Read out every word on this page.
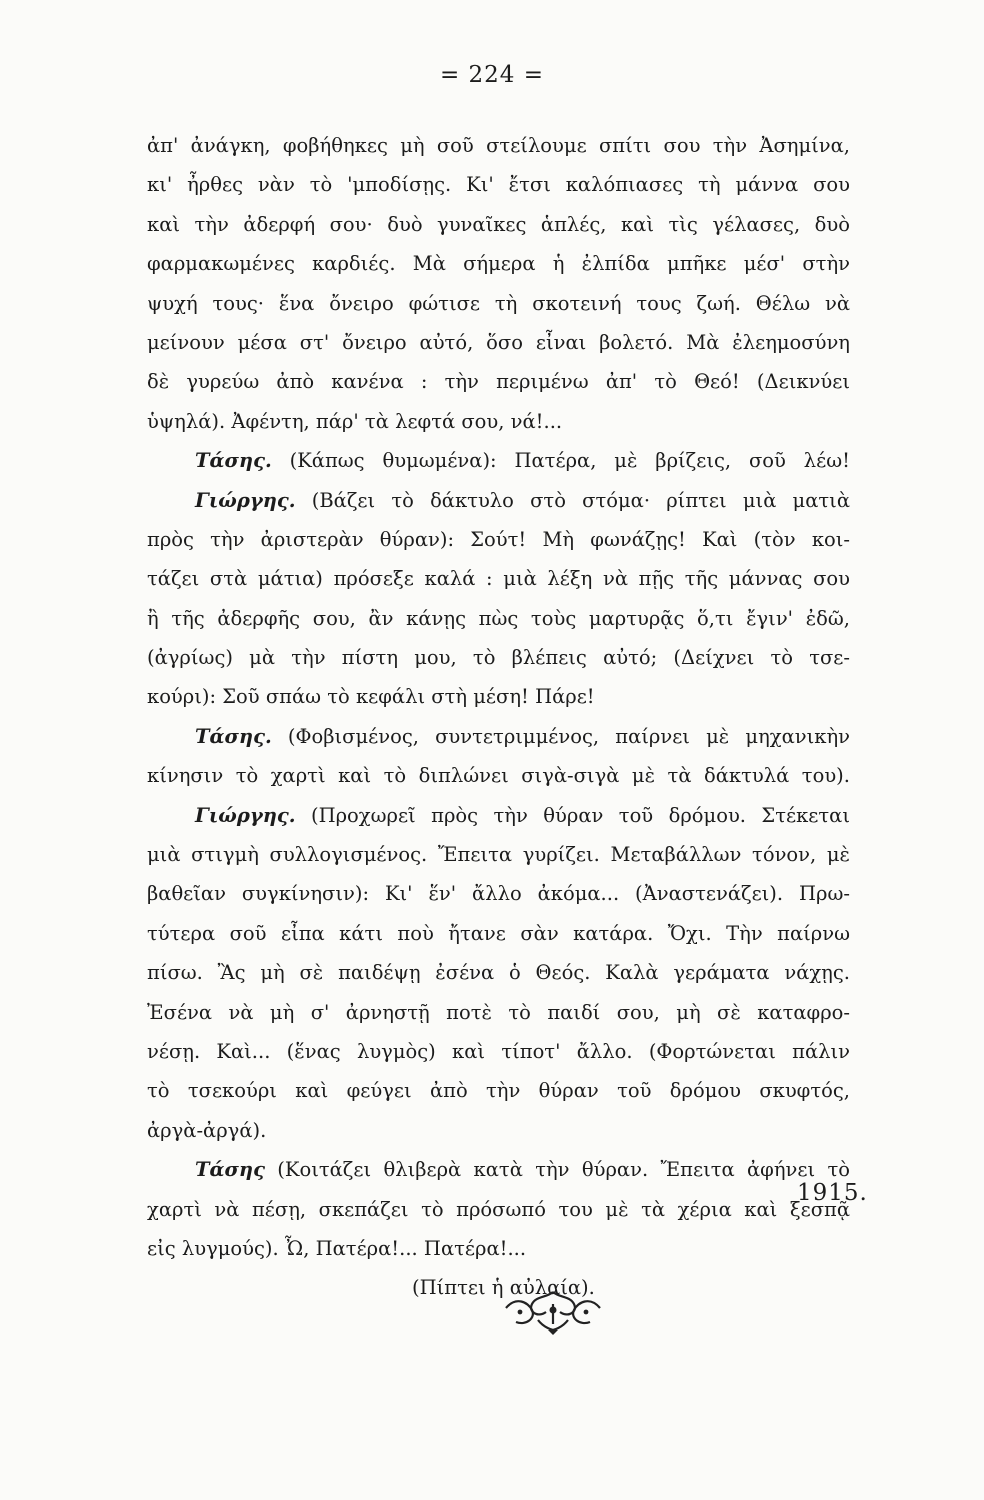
= 224 =
ἀπ' ἀνάγκη, φοβήθηκες μὴ σοῦ στείλουμε σπίτι σου τὴν Ἀσημίνα,
κι' ἦρθες νὰν τὸ 'μποδίσῃς. Κι' ἔτσι καλόπιασες τὴ μάννα σου
καὶ τὴν ἀδερφή σου· δυὸ γυναῖκες ἁπλές, καὶ τὶς γέλασες, δυὸ
φαρμακωμένες καρδιές. Μὰ σήμερα ἡ ἐλπίδα μπῆκε μέσ' στὴν
ψυχή τους· ἕνα ὄνειρο φώτισε τὴ σκοτεινή τους ζωή. Θέλω νὰ
μείνουν μέσα στ' ὄνειρο αὐτό, ὅσο εἶναι βολετό. Μὰ ἐλεημοσύνη
δὲ γυρεύω ἀπὸ κανένα : τὴν περιμένω ἀπ' τὸ Θεό! (Δεικνύει
ὑψηλά). Ἀφέντη, πάρ' τὰ λεφτά σου, νά!...
Τάσης. (Κάπως θυμωμένα): Πατέρα, μὲ βρίζεις, σοῦ λέω!
Γιώργης. (Βάζει τὸ δάκτυλο στὸ στόμα· ρίπτει μιὰ ματιὰ
πρὸς τὴν ἀριστερὰν θύραν): Σούτ! Μὴ φωνάζῃς! Καὶ (τὸν κοι-
τάζει στὰ μάτια) πρόσεξε καλά : μιὰ λέξη νὰ πῇς τῆς μάννας σου
ἢ τῆς ἀδερφῆς σου, ἂν κάνῃς πὼς τοὺς μαρτυρᾷς ὅ,τι ἔγιν' ἐδῶ,
(ἀγρίως) μὰ τὴν πίστη μου, τὸ βλέπεις αὐτό; (Δείχνει τὸ τσε-
κούρι): Σοῦ σπάω τὸ κεφάλι στὴ μέση! Πάρε!
Τάσης. (Φοβισμένος, συντετριμμένος, παίρνει μὲ μηχανικὴν
κίνησιν τὸ χαρτὶ καὶ τὸ διπλώνει σιγὰ-σιγὰ μὲ τὰ δάκτυλά του).
Γιώργης. (Προχωρεῖ πρὸς τὴν θύραν τοῦ δρόμου. Στέκεται
μιὰ στιγμὴ συλλογισμένος. Ἔπειτα γυρίζει. Μεταβάλλων τόνον, μὲ
βαθεῖαν συγκίνησιν): Κι' ἕν' ἄλλο ἀκόμα... (Ἀναστενάζει). Πρω-
τύτερα σοῦ εἶπα κάτι ποὺ ἤτανε σὰν κατάρα. Ὄχι. Τὴν παίρνω
πίσω. Ἂς μὴ σὲ παιδέψῃ ἐσένα ὁ Θεός. Καλὰ γεράματα νάχῃς.
Ἐσένα νὰ μὴ σ' ἀρνηστῇ ποτὲ τὸ παιδί σου, μὴ σὲ καταφρο-
νέσῃ. Καὶ... (ἕνας λυγμὸς) καὶ τίποτ' ἄλλο. (Φορτώνεται πάλιν
τὸ τσεκούρι καὶ φεύγει ἀπὸ τὴν θύραν τοῦ δρόμου σκυφτός,
ἀργὰ-ἀργά).
Τάσης (Κοιτάζει θλιβερὰ κατὰ τὴν θύραν. Ἔπειτα ἀφήνει τὸ
χαρτὶ νὰ πέσῃ, σκεπάζει τὸ πρόσωπό του μὲ τὰ χέρια καὶ ξεσπᾷ
εἰς λυγμούς). Ὦ, Πατέρα!... Πατέρα!...
(Πίπτει ἡ αὐλαία).
1915.
